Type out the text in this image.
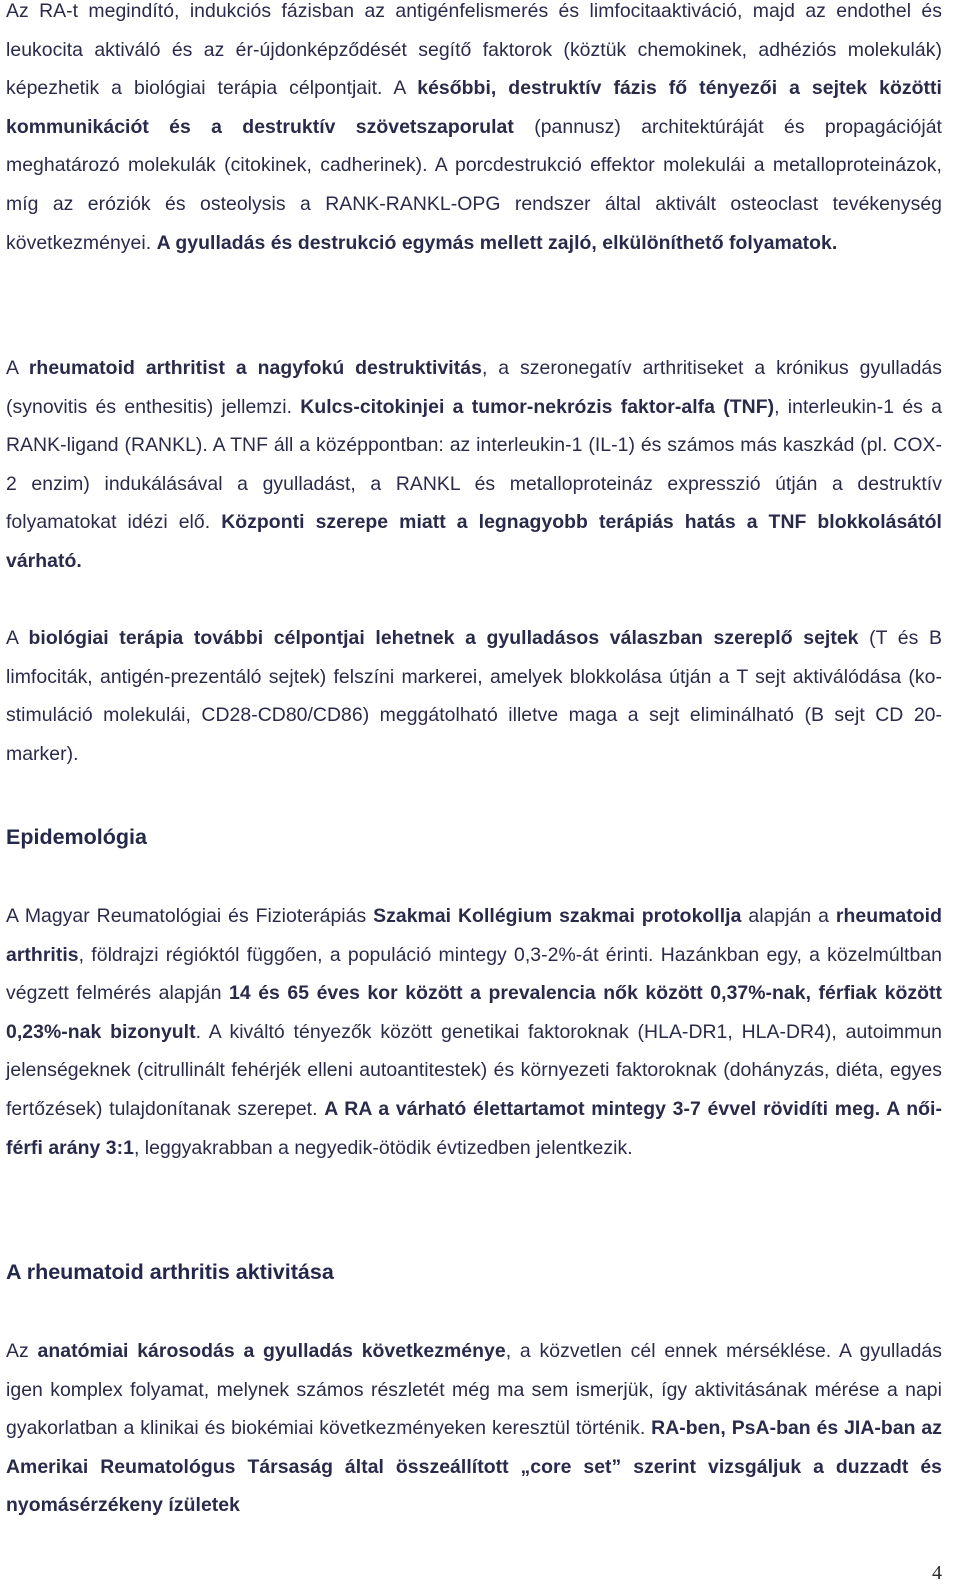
Az RA-t megindító, indukciós fázisban az antigénfelismerés és limfocitaaktiváció, majd az endothel és leukocita aktiváló és az ér-újdonképződését segítő faktorok (köztük chemokinek, adhéziós molekulák) képezhetik a biológiai terápia célpontjait. A későbbi, destruktív fázis fő tényezői a sejtek közötti kommunikációt és a destruktív szövetszaporulat (pannusz) architektúráját és propagációját meghatározó molekulák (citokinek, cadherinek). A porcdestrukció effektor molekulái a metalloproteinázok, míg az eróziók és osteolysis a RANK-RANKL-OPG rendszer által aktivált osteoclast tevékenység következményei. A gyulladás és destrukció egymás mellett zajló, elkülöníthető folyamatok.

A rheumatoid arthritist a nagyfokú destruktivitás, a szeronegatív arthritiseket a krónikus gyulladás (synovitis és enthesitis) jellemzi. Kulcs-citokinjei a tumor-nekrózis faktor-alfa (TNF), interleukin-1 és a RANK-ligand (RANKL). A TNF áll a középpontban: az interleukin-1 (IL-1) és számos más kaszkád (pl. COX-2 enzim) indukálásával a gyulladást, a RANKL és metalloproteináz expresszió útján a destruktív folyamatokat idézi elő. Központi szerepe miatt a legnagyobb terápiás hatás a TNF blokkolásától várható.

A biológiai terápia további célpontjai lehetnek a gyulladásos válaszban szereplő sejtek (T és B limfociták, antigén-prezentáló sejtek) felszíni markerei, amelyek blokkolása útján a T sejt aktiválódása (ko-stimuláció molekulái, CD28-CD80/CD86) meggátolható illetve maga a sejt eliminálható (B sejt CD 20-marker).

Epidemológia

A Magyar Reumatológiai és Fizioterápiás Szakmai Kollégium szakmai protokollja alapján a rheumatoid arthritis, földrajzi régióktól függően, a populáció mintegy 0,3-2%-át érinti. Hazánkban egy, a közelmúltban végzett felmérés alapján 14 és 65 éves kor között a prevalencia nők között 0,37%-nak, férfiak között 0,23%-nak bizonyult. A kiváltó tényezők között genetikai faktoroknak (HLA-DR1, HLA-DR4), autoimmun jelenségeknek (citrullinált fehérjék elleni autoantitestek) és környezeti faktoroknak (dohányzás, diéta, egyes fertőzések) tulajdonítanak szerepet. A RA a várható élettartamot mintegy 3-7 évvel rövidíti meg. A női-férfi arány 3:1, leggyakrabban a negyedik-ötödik évtizedben jelentkezik.

A rheumatoid arthritis aktivitása

Az anatómiai károsodás a gyulladás következménye, a közvetlen cél ennek mérséklése. A gyulladás igen komplex folyamat, melynek számos részletét még ma sem ismerjük, így aktivitásának mérése a napi gyakorlatban a klinikai és biokémiai következményeken keresztül történik. RA-ben, PsA-ban és JIA-ban az Amerikai Reumatológus Társaság által összeállított „core set” szerint vizsgáljuk a duzzadt és nyomásérzékeny ízületek

4
